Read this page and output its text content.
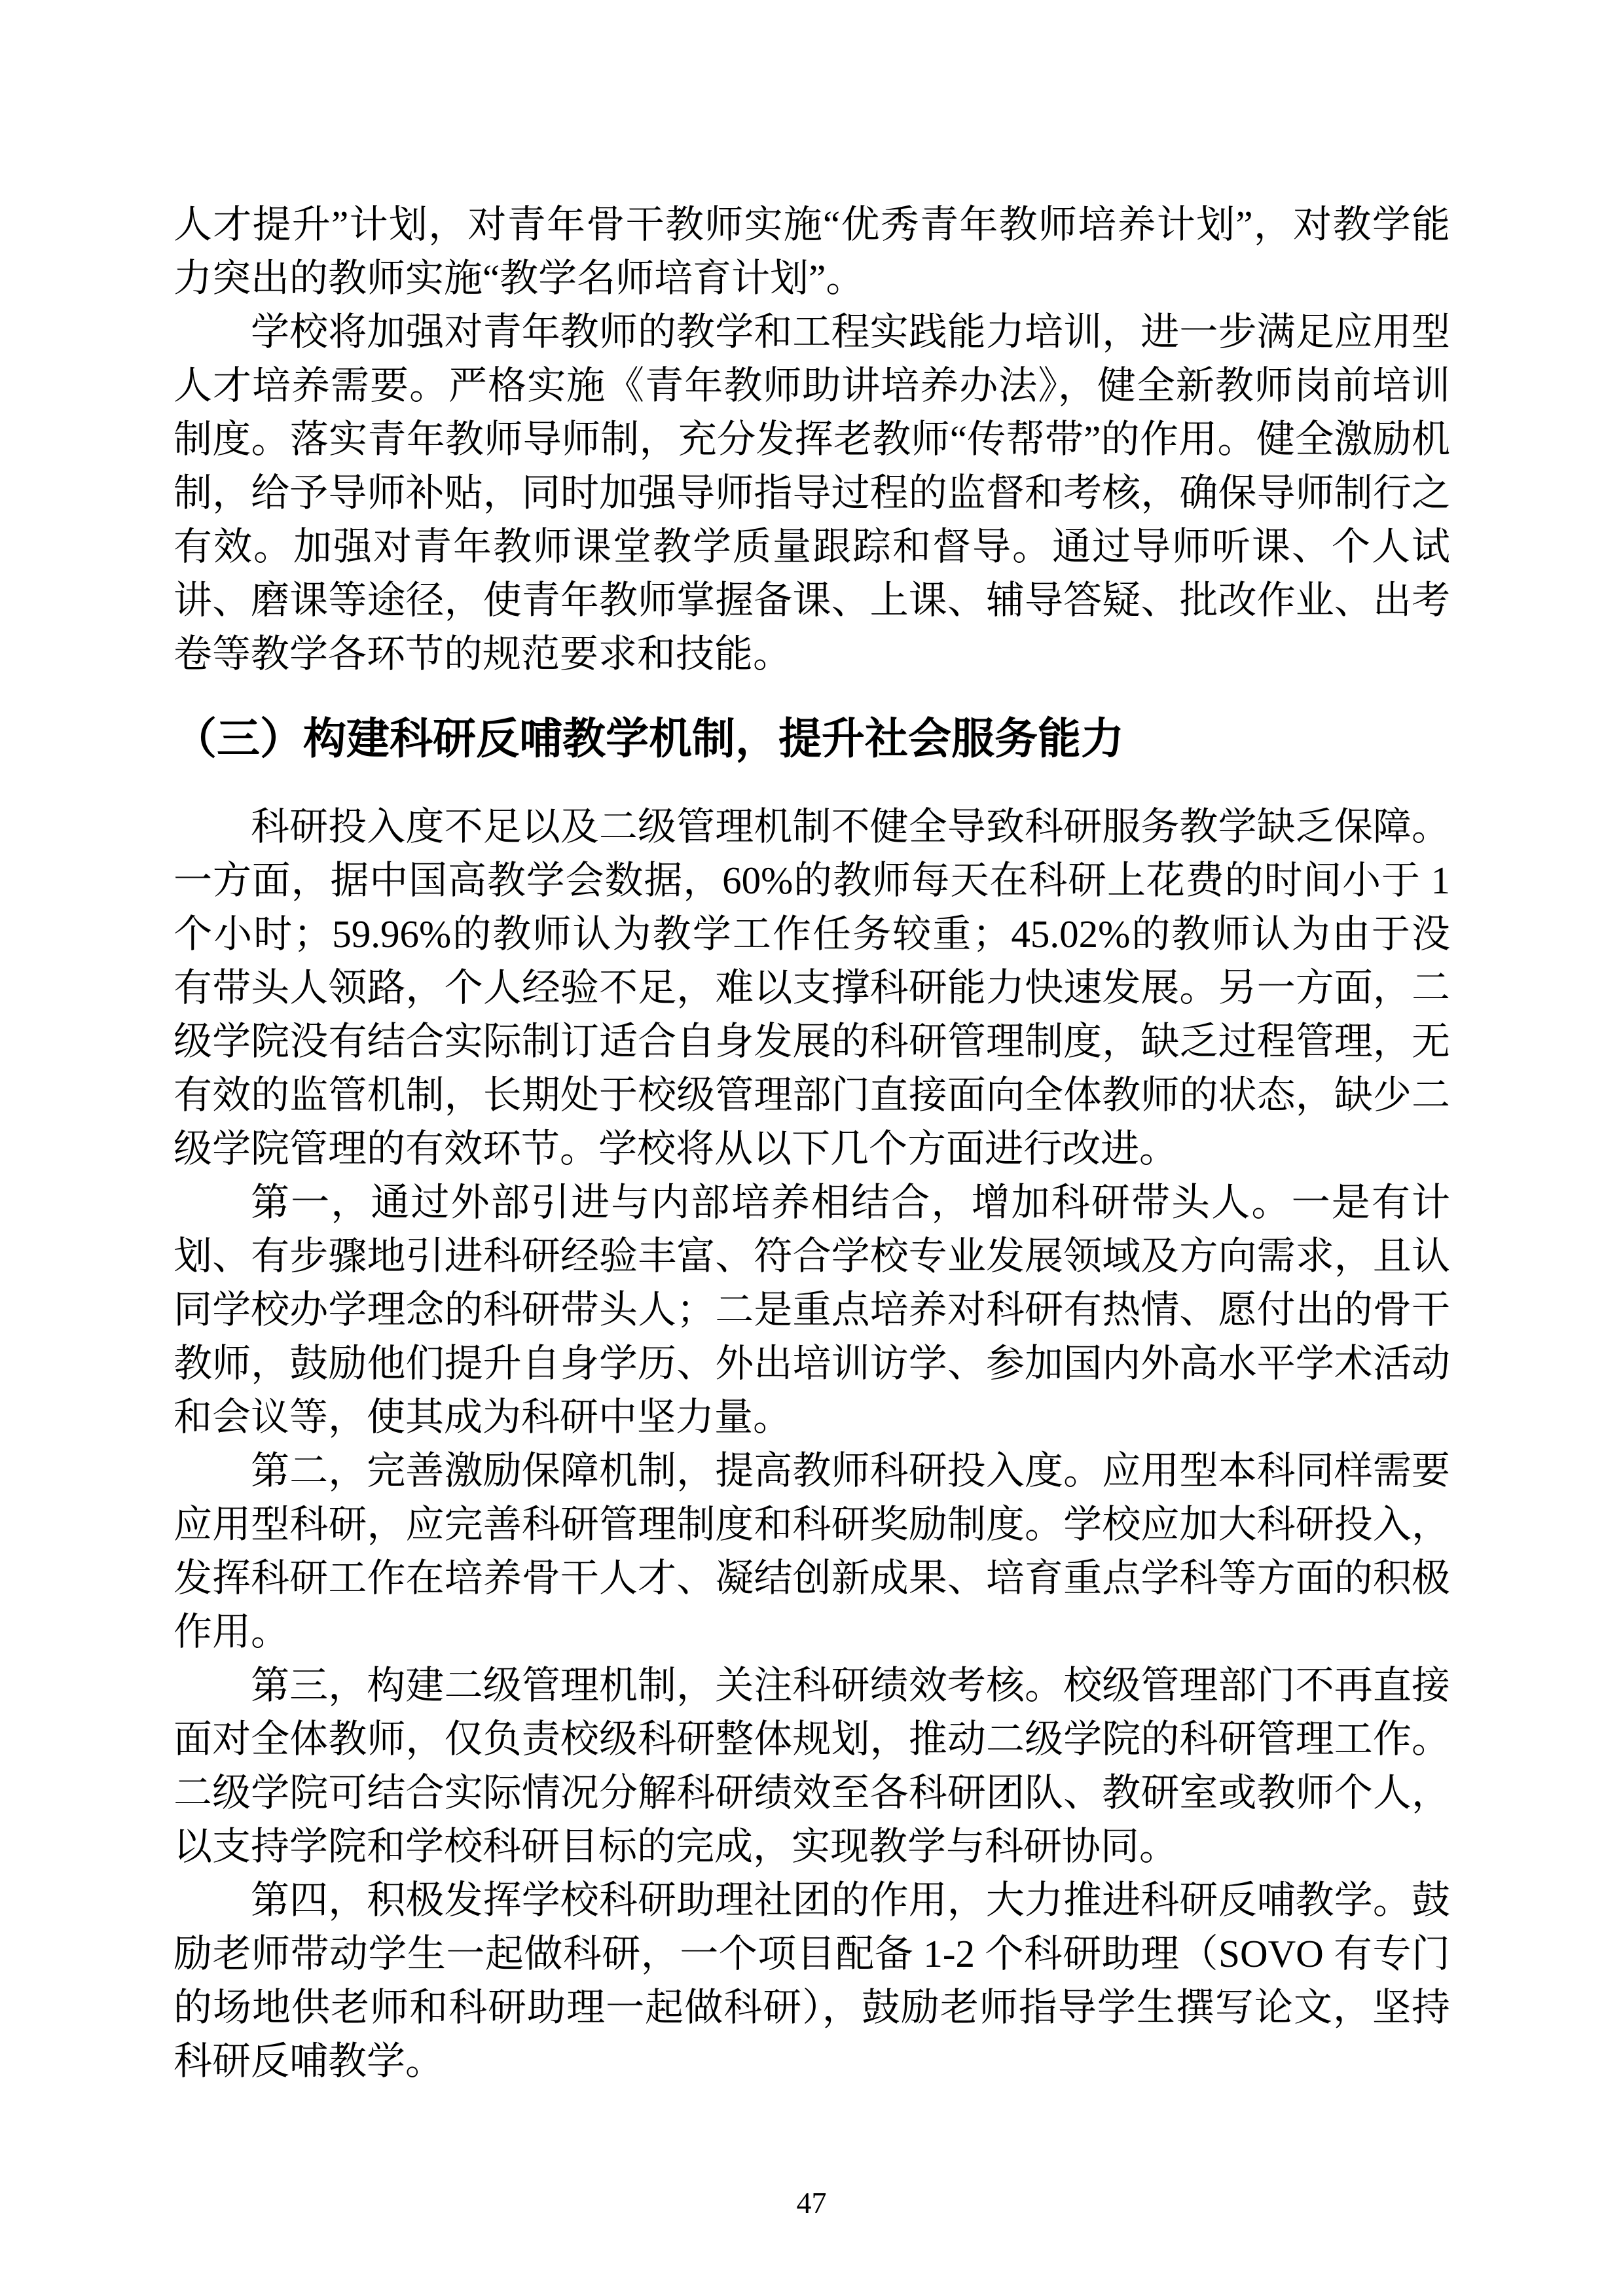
人才提升”计划，对青年骨干教师实施“优秀青年教师培养计划”，对教学能力突出的教师实施“教学名师培育计划”。

学校将加强对青年教师的教学和工程实践能力培训，进一步满足应用型人才培养需要。严格实施《青年教师助讲培养办法》，健全新教师岗前培训制度。落实青年教师导师制，充分发挥老教师“传帮带”的作用。健全激励机制，给予导师补贴，同时加强导师指导过程的监督和考核，确保导师制行之有效。加强对青年教师课堂教学质量跟踪和督导。通过导师听课、个人试讲、磨课等途径，使青年教师掌握备课、上课、辅导答疑、批改作业、出考卷等教学各环节的规范要求和技能。

（三）构建科研反哺教学机制，提升社会服务能力

科研投入度不足以及二级管理机制不健全导致科研服务教学缺乏保障。一方面，据中国高教学会数据，60%的教师每天在科研上花费的时间小于 1 个小时；59.96%的教师认为教学工作任务较重；45.02%的教师认为由于没有带头人领路，个人经验不足，难以支撑科研能力快速发展。另一方面，二级学院没有结合实际制订适合自身发展的科研管理制度，缺乏过程管理，无有效的监管机制，长期处于校级管理部门直接面向全体教师的状态，缺少二级学院管理的有效环节。学校将从以下几个方面进行改进。

第一，通过外部引进与内部培养相结合，增加科研带头人。一是有计划、有步骤地引进科研经验丰富、符合学校专业发展领域及方向需求，且认同学校办学理念的科研带头人；二是重点培养对科研有热情、愿付出的骨干教师，鼓励他们提升自身学历、外出培训访学、参加国内外高水平学术活动和会议等，使其成为科研中坚力量。

第二，完善激励保障机制，提高教师科研投入度。应用型本科同样需要应用型科研，应完善科研管理制度和科研奖励制度。学校应加大科研投入，发挥科研工作在培养骨干人才、凝结创新成果、培育重点学科等方面的积极作用。

第三，构建二级管理机制，关注科研绩效考核。校级管理部门不再直接面对全体教师，仅负责校级科研整体规划，推动二级学院的科研管理工作。二级学院可结合实际情况分解科研绩效至各科研团队、教研室或教师个人，以支持学院和学校科研目标的完成，实现教学与科研协同。

第四，积极发挥学校科研助理社团的作用，大力推进科研反哺教学。鼓励老师带动学生一起做科研，一个项目配备 1-2 个科研助理（SOVO 有专门的场地供老师和科研助理一起做科研），鼓励老师指导学生撰写论文，坚持科研反哺教学。

47
